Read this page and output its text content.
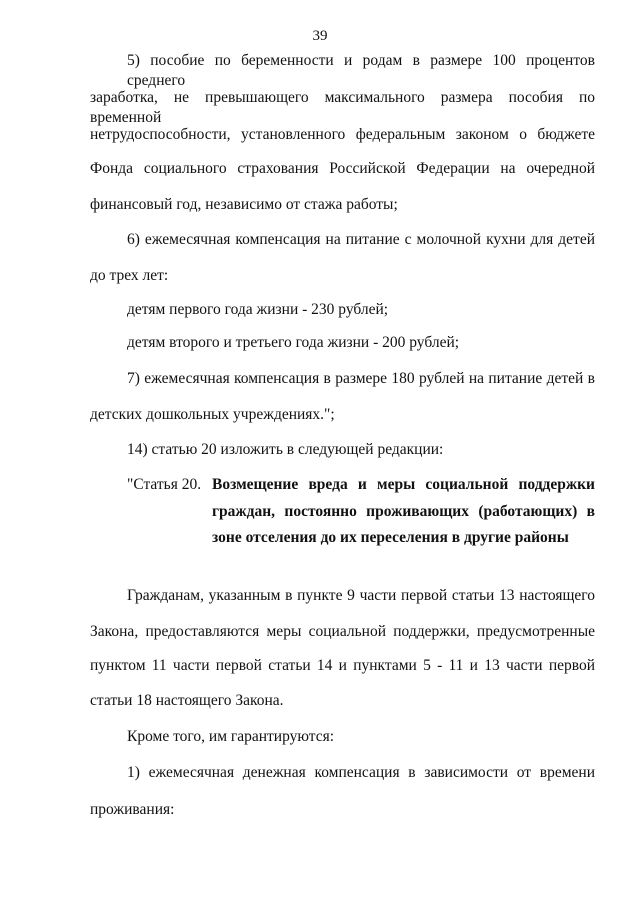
39
5) пособие по беременности и родам в размере 100 процентов среднего
заработка, не превышающего максимального размера пособия по временной
нетрудоспособности, установленного федеральным законом о бюджете
Фонда социального страхования Российской Федерации на очередной
финансовый год, независимо от стажа работы;
6) ежемесячная компенсация на питание с молочной кухни для детей
до трех лет:
детям первого года жизни - 230 рублей;
детям второго и третьего года жизни - 200 рублей;
7) ежемесячная компенсация в размере 180 рублей на питание детей в
детских дошкольных учреждениях.";
14) статью 20 изложить в следующей редакции:
"Статья 20. Возмещение вреда и меры социальной поддержки
граждан, постоянно проживающих (работающих) в
зоне отселения до их переселения в другие районы
Гражданам, указанным в пункте 9 части первой статьи 13 настоящего
Закона, предоставляются меры социальной поддержки, предусмотренные
пунктом 11 части первой статьи 14 и пунктами 5 - 11 и 13 части первой
статьи 18 настоящего Закона.
Кроме того, им гарантируются:
1) ежемесячная денежная компенсация в зависимости от времени
проживания:
